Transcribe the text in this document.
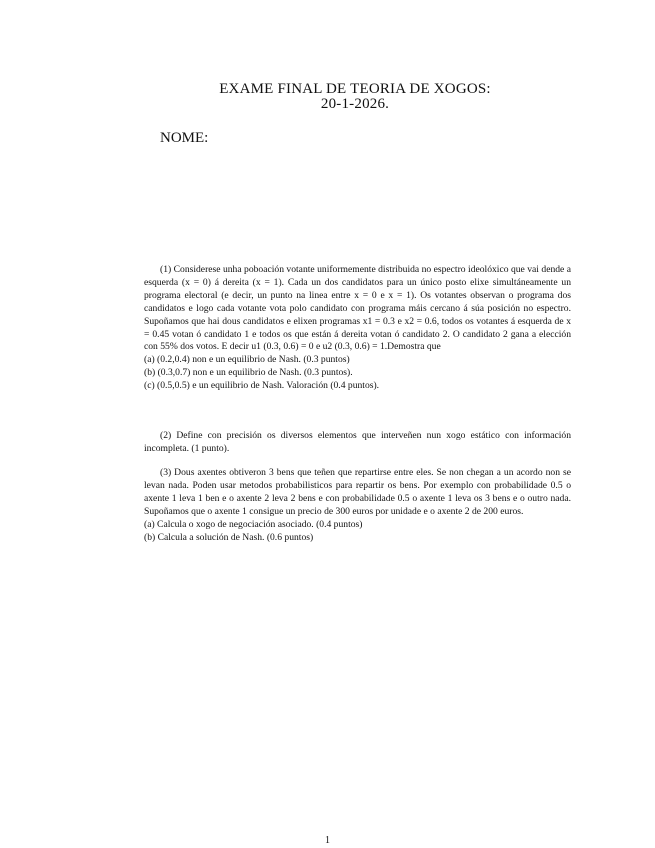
EXAME FINAL DE TEORIA DE XOGOS:
20-1-2026.
NOME:

(1) Considerese unha poboación votante uniformemente distribuida no espectro ideolóxico que vai dende a esquerda (x = 0) á dereita (x = 1). Cada un dos candidatos para un único posto elixe simultáneamente un programa electoral (e decir, un punto na linea entre x = 0 e x = 1). Os votantes observan o programa dos candidatos e logo cada votante vota polo candidato con programa máis cercano á súa posición no espectro. Supoñamos que hai dous candidatos e elixen programas x1 = 0.3 e x2 = 0.6, todos os votantes á esquerda de x = 0.45 votan ó candidato 1 e todos os que están á dereita votan ó candidato 2. O candidato 2 gana a elección con 55% dos votos. E decir u1 (0.3, 0.6) = 0 e u2 (0.3, 0.6) = 1.Demostra que

(a) (0.2,0.4) non e un equilibrio de Nash. (0.3 puntos)

(b) (0.3,0.7) non e un equilibrio de Nash. (0.3 puntos).

(c) (0.5,0.5) e un equilibrio de Nash. Valoración (0.4 puntos).

(2) Define con precisión os diversos elementos que interveñen nun xogo estático con información incompleta. (1 punto).

(3) Dous axentes obtiveron 3 bens que teñen que repartirse entre eles. Se non chegan a un acordo non se levan nada. Poden usar metodos probabilisticos para repartir os bens. Por exemplo con probabilidade 0.5 o axente 1 leva 1 ben e o axente 2 leva 2 bens e con probabilidade 0.5 o axente 1 leva os 3 bens e o outro nada. Supoñamos que o axente 1 consigue un precio de 300 euros por unidade e o axente 2 de 200 euros.

(a) Calcula o xogo de negociación asociado. (0.4 puntos)

(b) Calcula a solución de Nash. (0.6 puntos)

1
